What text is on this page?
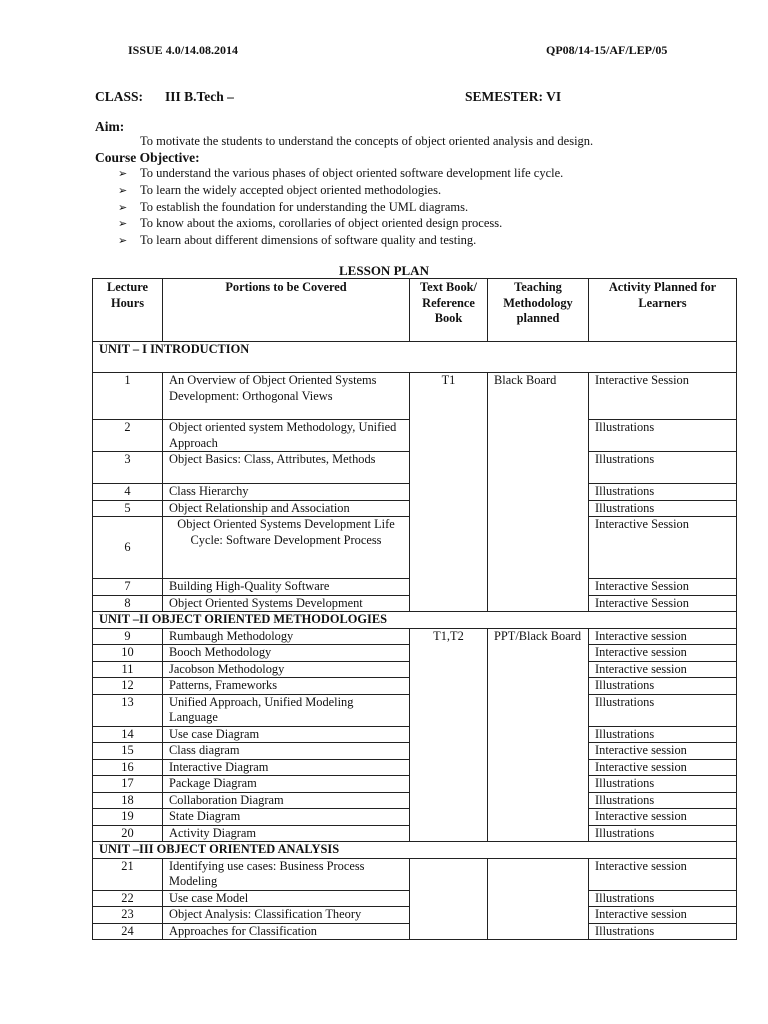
ISSUE 4.0/14.08.2014	QP08/14-15/AF/LEP/05
CLASS: III B.Tech –	SEMESTER: VI
Aim:
To motivate the students to understand the concepts of object oriented analysis and design.
Course Objective:
➢ To understand the various phases of object oriented software development life cycle.
➢ To learn the widely accepted object oriented methodologies.
➢ To establish the foundation for understanding the UML diagrams.
➢ To know about the axioms, corollaries of object oriented design process.
➢ To learn about different dimensions of software quality and testing.
LESSON PLAN
Lecture Hours	Portions to be Covered	Text Book/ Reference Book	Teaching Methodology planned	Activity Planned for Learners
UNIT – I INTRODUCTION				
1	An Overview of Object Oriented Systems Development: Orthogonal Views	T1	Black Board	Interactive Session
2	Object oriented system Methodology, Unified Approach			Illustrations
3	Object Basics: Class, Attributes, Methods			Illustrations
4	Class Hierarchy			Illustrations
5	Object Relationship and Association			Illustrations
6	Object Oriented Systems Development Life Cycle: Software Development Process			Interactive Session
7	Building High-Quality Software			Interactive Session
8	Object Oriented Systems Development			Interactive Session
UNIT –II OBJECT ORIENTED METHODOLOGIES				
9	Rumbaugh Methodology	T1,T2	PPT/Black Board	Interactive session
10	Booch Methodology			Interactive session
11	Jacobson Methodology			Interactive session
12	Patterns, Frameworks			Illustrations
13	Unified Approach, Unified Modeling Language			Illustrations
14	Use case Diagram			Illustrations
15	Class diagram			Interactive session
16	Interactive Diagram			Interactive session
17	Package Diagram			Illustrations
18	Collaboration Diagram			Illustrations
19	State Diagram			Interactive session
20	Activity Diagram			Illustrations
UNIT –III OBJECT ORIENTED ANALYSIS				
21	Identifying use cases: Business Process Modeling			Interactive session
22	Use case Model			Illustrations
23	Object Analysis: Classification Theory			Interactive session
24	Approaches for Classification			Illustrations
